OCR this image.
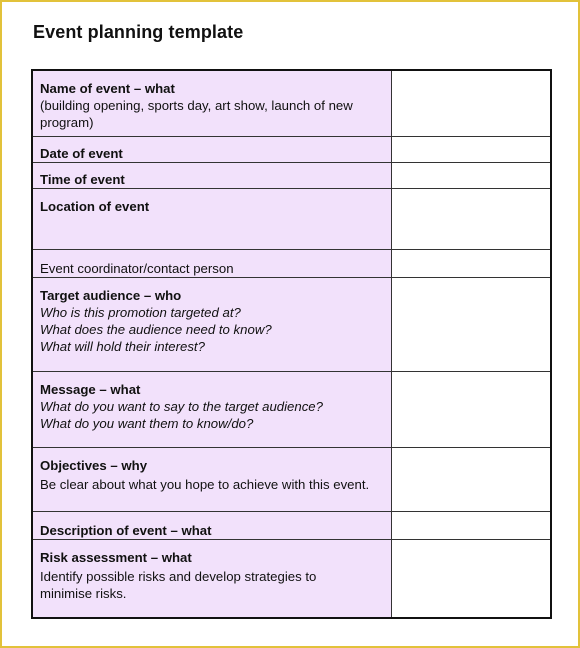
Event planning template
Name of event – what
(building opening, sports day, art show, launch of new
program)	

Date of event	
Time of event	
Location of event	
Event coordinator/contact person	
Target audience – who
Who is this promotion targeted at?
What does the audience need to know?
What will hold their interest?	

Message – what
What do you want to say to the target audience?
What do you want them to know/do?	

Objectives – why
Be clear about what you hope to achieve with this event.	

Description of event – what	
Risk assessment – what
Identify possible risks and develop strategies to
minimise risks.	
